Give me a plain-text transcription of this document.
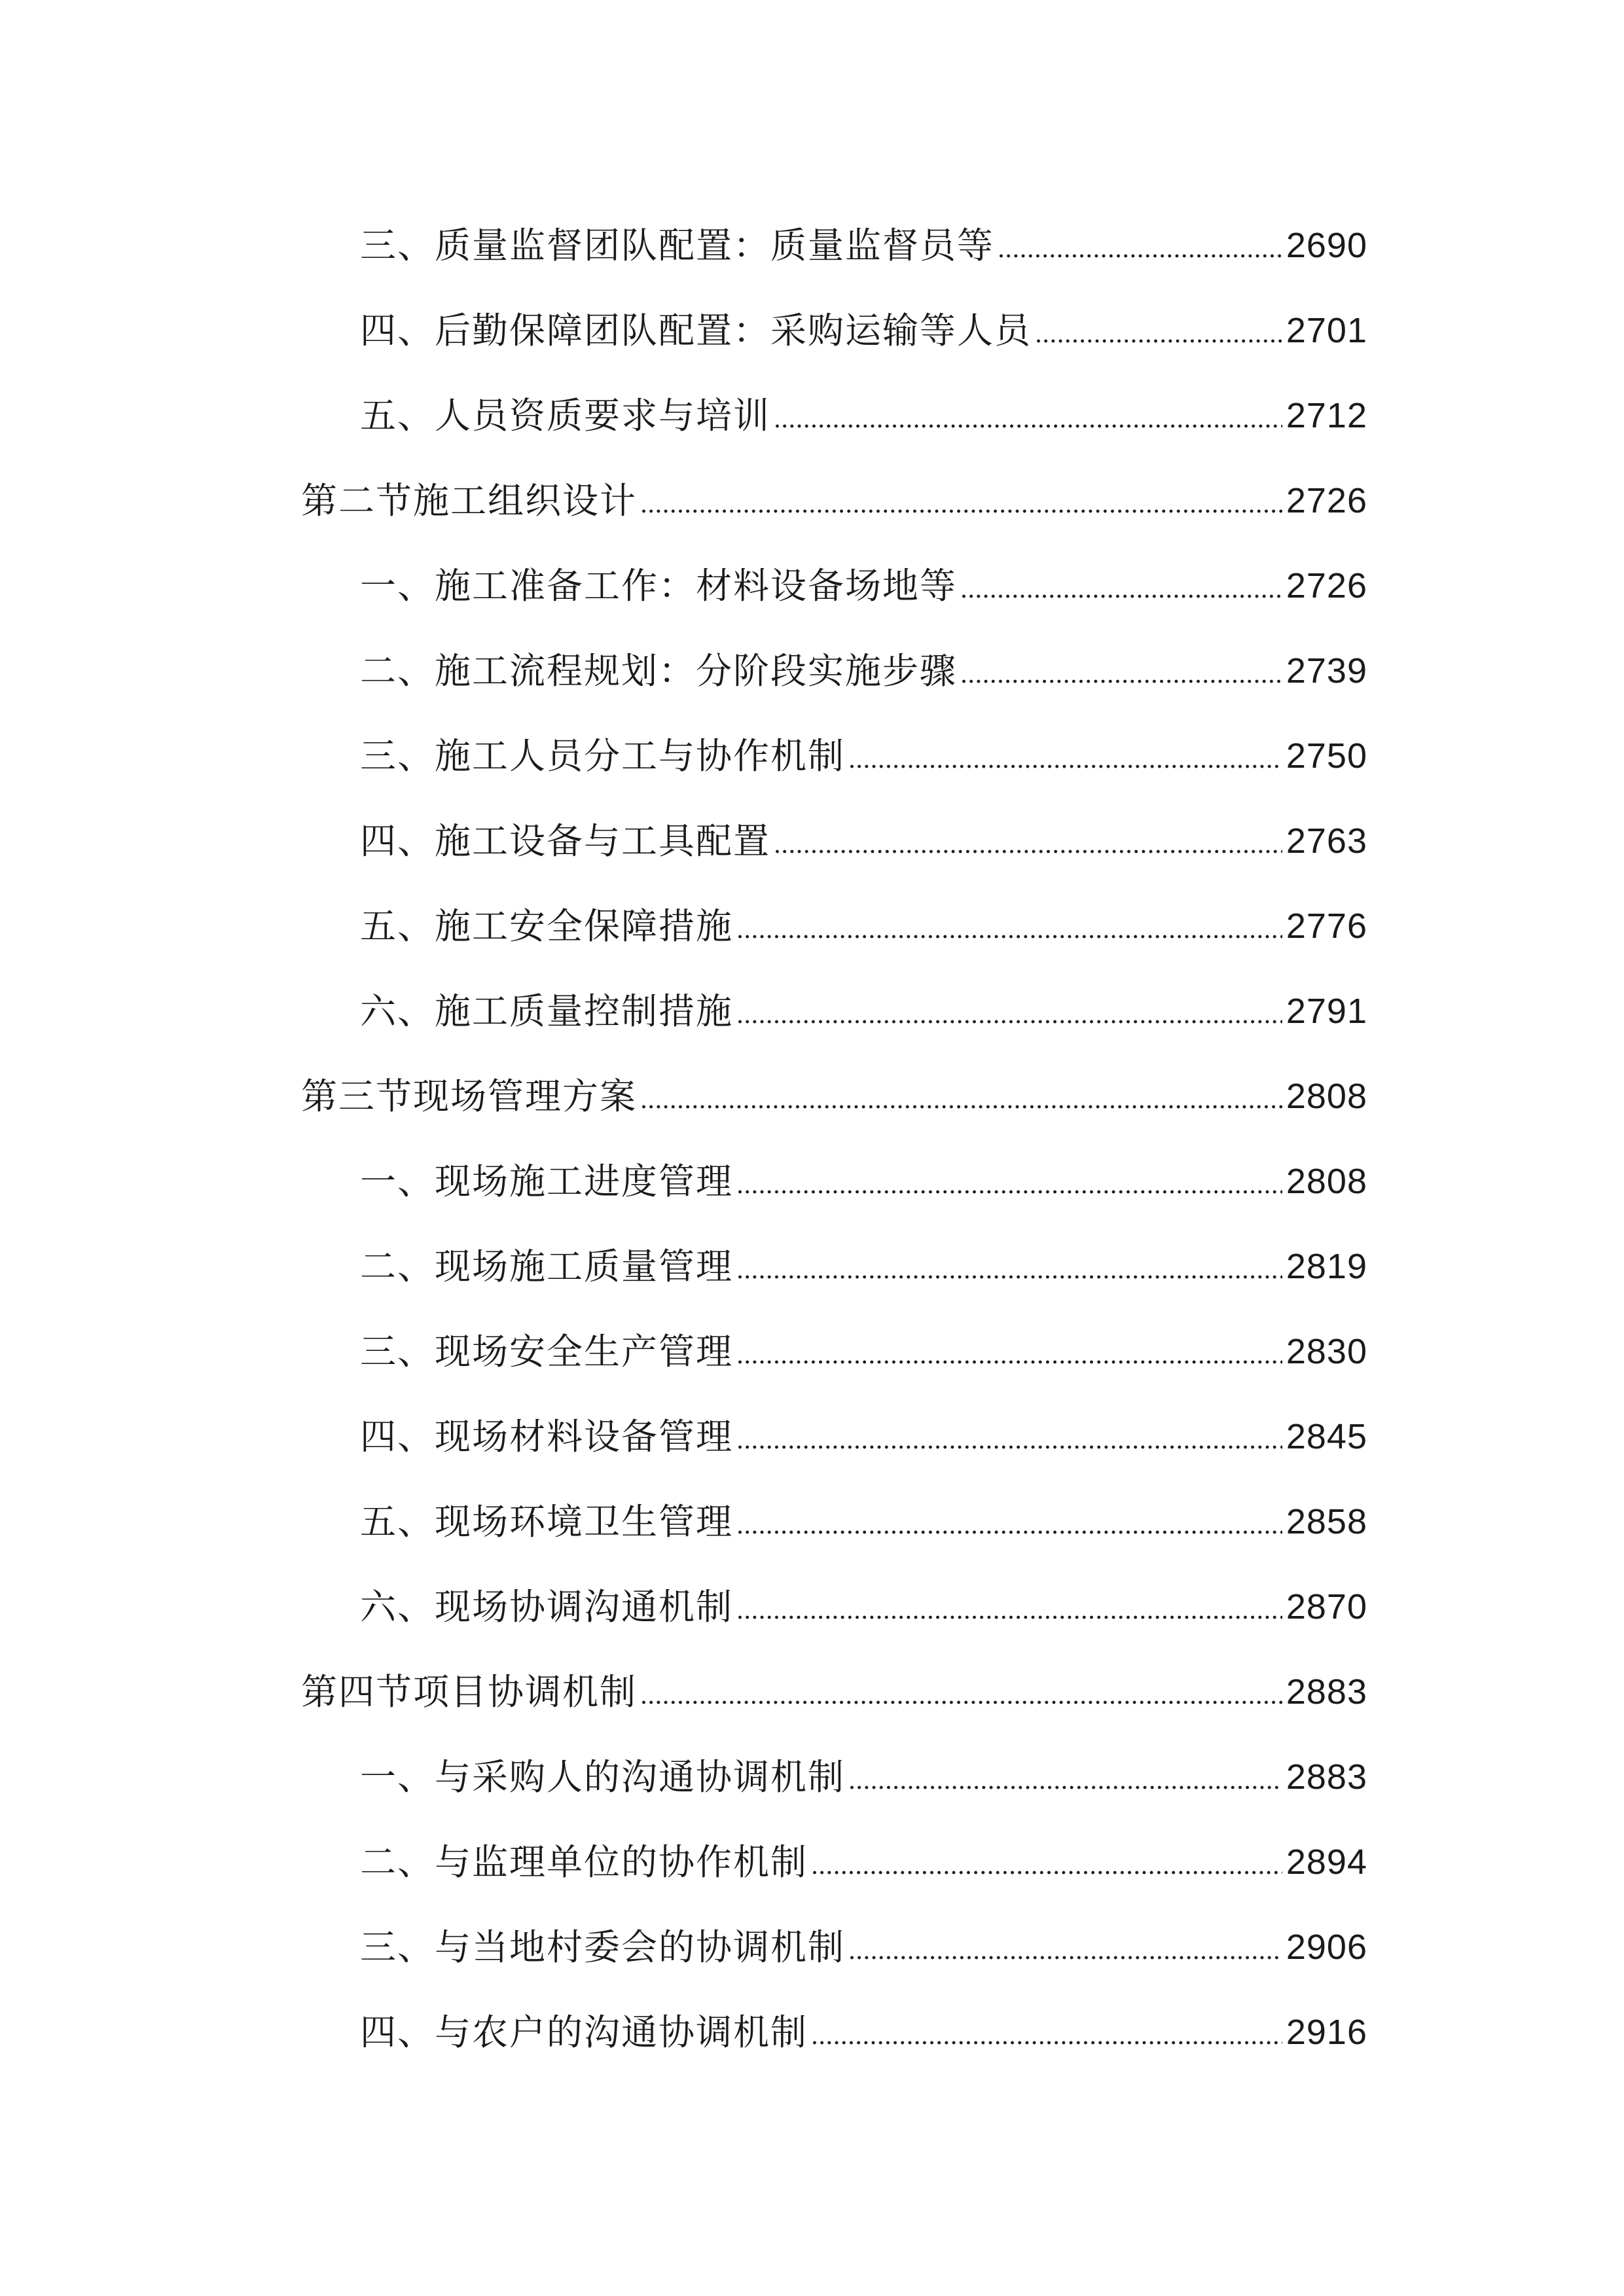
三、质量监督团队配置：质量监督员等	2690
四、后勤保障团队配置：采购运输等人员	2701
五、人员资质要求与培训	2712
第二节施工组织设计	2726
一、施工准备工作：材料设备场地等	2726
二、施工流程规划：分阶段实施步骤	2739
三、施工人员分工与协作机制	2750
四、施工设备与工具配置	2763
五、施工安全保障措施	2776
六、施工质量控制措施	2791
第三节现场管理方案	2808
一、现场施工进度管理	2808
二、现场施工质量管理	2819
三、现场安全生产管理	2830
四、现场材料设备管理	2845
五、现场环境卫生管理	2858
六、现场协调沟通机制	2870
第四节项目协调机制	2883
一、与采购人的沟通协调机制	2883
二、与监理单位的协作机制	2894
三、与当地村委会的协调机制	2906
四、与农户的沟通协调机制	2916
